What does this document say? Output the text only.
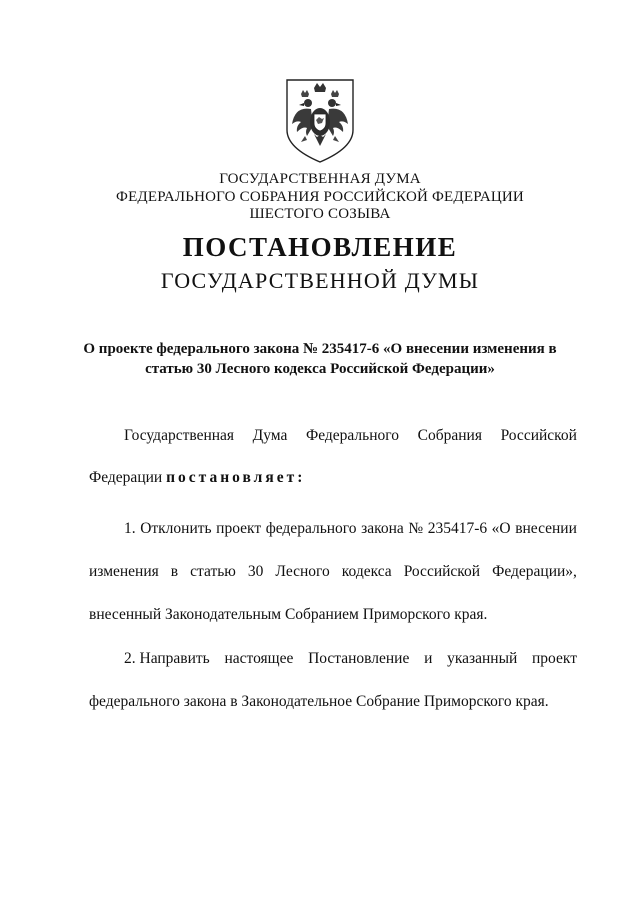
ГОСУДАРСТВЕННАЯ ДУМА
ФЕДЕРАЛЬНОГО СОБРАНИЯ РОССИЙСКОЙ ФЕДЕРАЦИИ
ШЕСТОГО СОЗЫВА
ПОСТАНОВЛЕНИЕ
ГОСУДАРСТВЕННОЙ ДУМЫ
О проекте федерального закона № 235417-6 «О внесении изменения в
статью 30 Лесного кодекса Российской Федерации»
Государственная Дума Федерального Собрания Российской
Федерации постановляет:
1. Отклонить проект федерального закона № 235417-6 «О внесении
изменения в статью 30 Лесного кодекса Российской Федерации»,
внесенный Законодательным Собранием Приморского края.
2. Направить настоящее Постановление и указанный проект
федерального закона в Законодательное Собрание Приморского края.
